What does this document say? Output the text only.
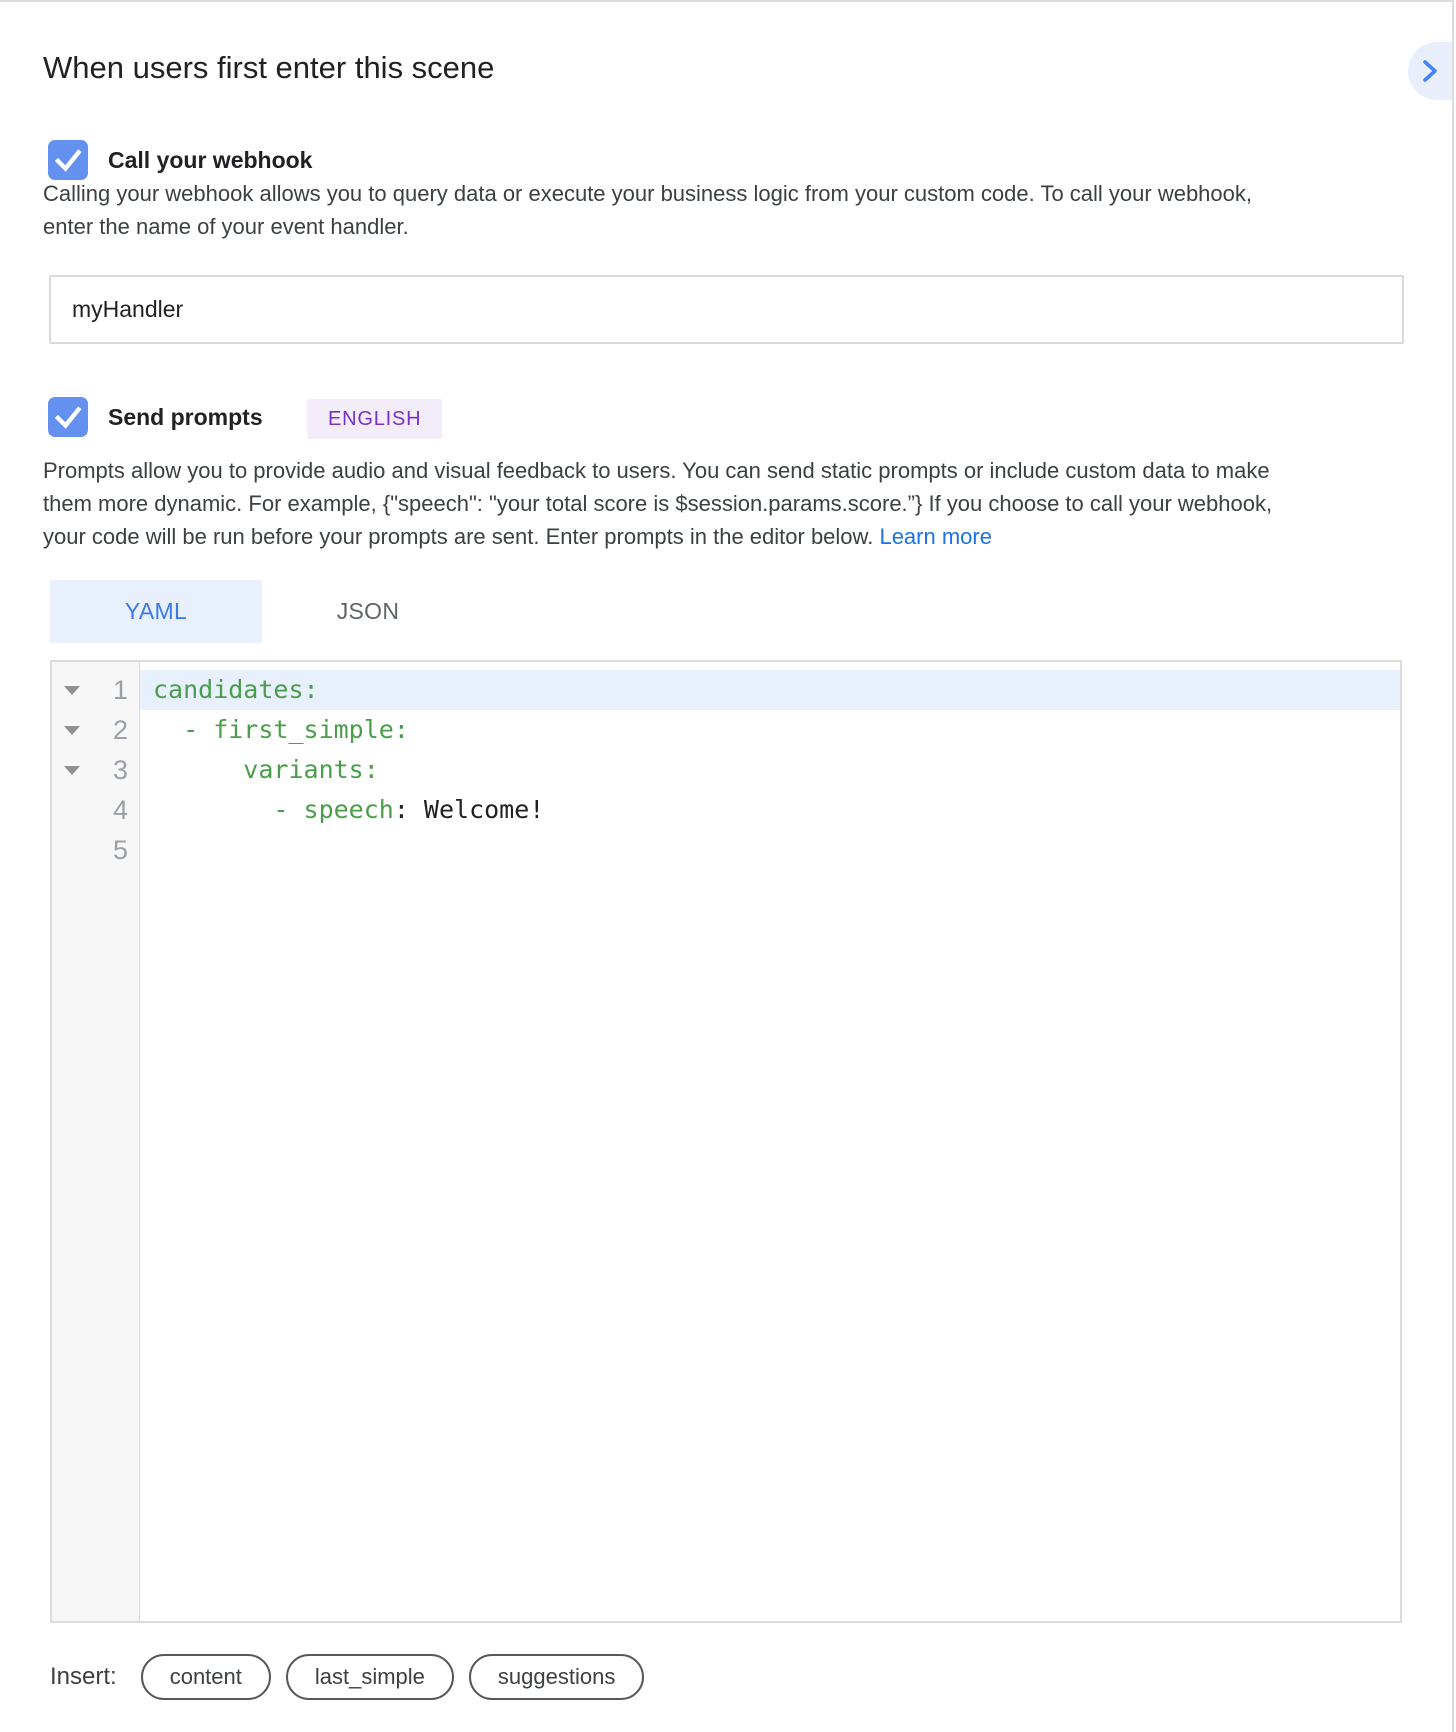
When users first enter this scene
Call your webhook
Calling your webhook allows you to query data or execute your business logic from your custom code. To call your webhook,
enter the name of your event handler.
myHandler
Send prompts	ENGLISH
Prompts allow you to provide audio and visual feedback to users. You can send static prompts or include custom data to make
them more dynamic. For example, {"speech": "your total score is $session.params.score.”} If you choose to call your webhook,
your code will be run before your prompts are sent. Enter prompts in the editor below. Learn more
YAML	JSON
1	candidates:
2	- first_simple:
3	variants:
4	- speech: Welcome!
5
Insert:	content	last_simple	suggestions
